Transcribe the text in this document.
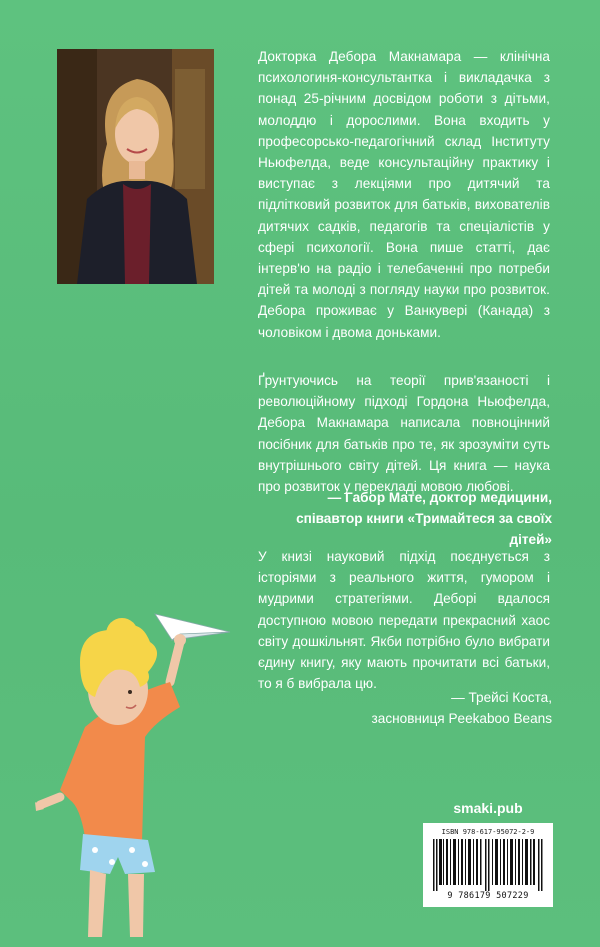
Докторка Дебора Макнамара — клінічна психологиня-консультантка і викладачка з понад 25-річним досвідом роботи з дітьми, молоддю і дорослими. Вона входить у професорсько-педагогічний склад Інституту Ньюфелда, веде консультаційну практику і виступає з лекціями про дитячий та підлітковий розвиток для батьків, вихователів дитячих садків, педагогів та спеціалістів у сфері психології. Вона пише статті, дає інтерв'ю на радіо і телебаченні про потреби дітей та молоді з погляду науки про розвиток. Дебора проживає у Ванкувері (Канада) з чоловіком і двома доньками.
Ґрунтуючись на теорії прив'язаності і революційному підході Гордона Ньюфелда, Дебора Макнамара написала повноцінний посібник для батьків про те, як зрозуміти суть внутрішнього світу дітей. Ця книга — наука про розвиток у перекладі мовою любові.
— Габор Мате, доктор медицини, співавтор книги «Тримайтеся за своїх дітей»
У книзі науковий підхід поєднується з історіями з реального життя, гумором і мудрими стратегіями. Деборі вдалося доступною мовою передати прекрасний хаос світу дошкільнят. Якби потрібно було вибрати єдину книгу, яку мають прочитати всі батьки, то я б вибрала цю.
— Трейсі Коста,
засновниця Peekaboo Beans
smaki.pub
ISBN 978-617-95072-2-9
9 786179 507229
